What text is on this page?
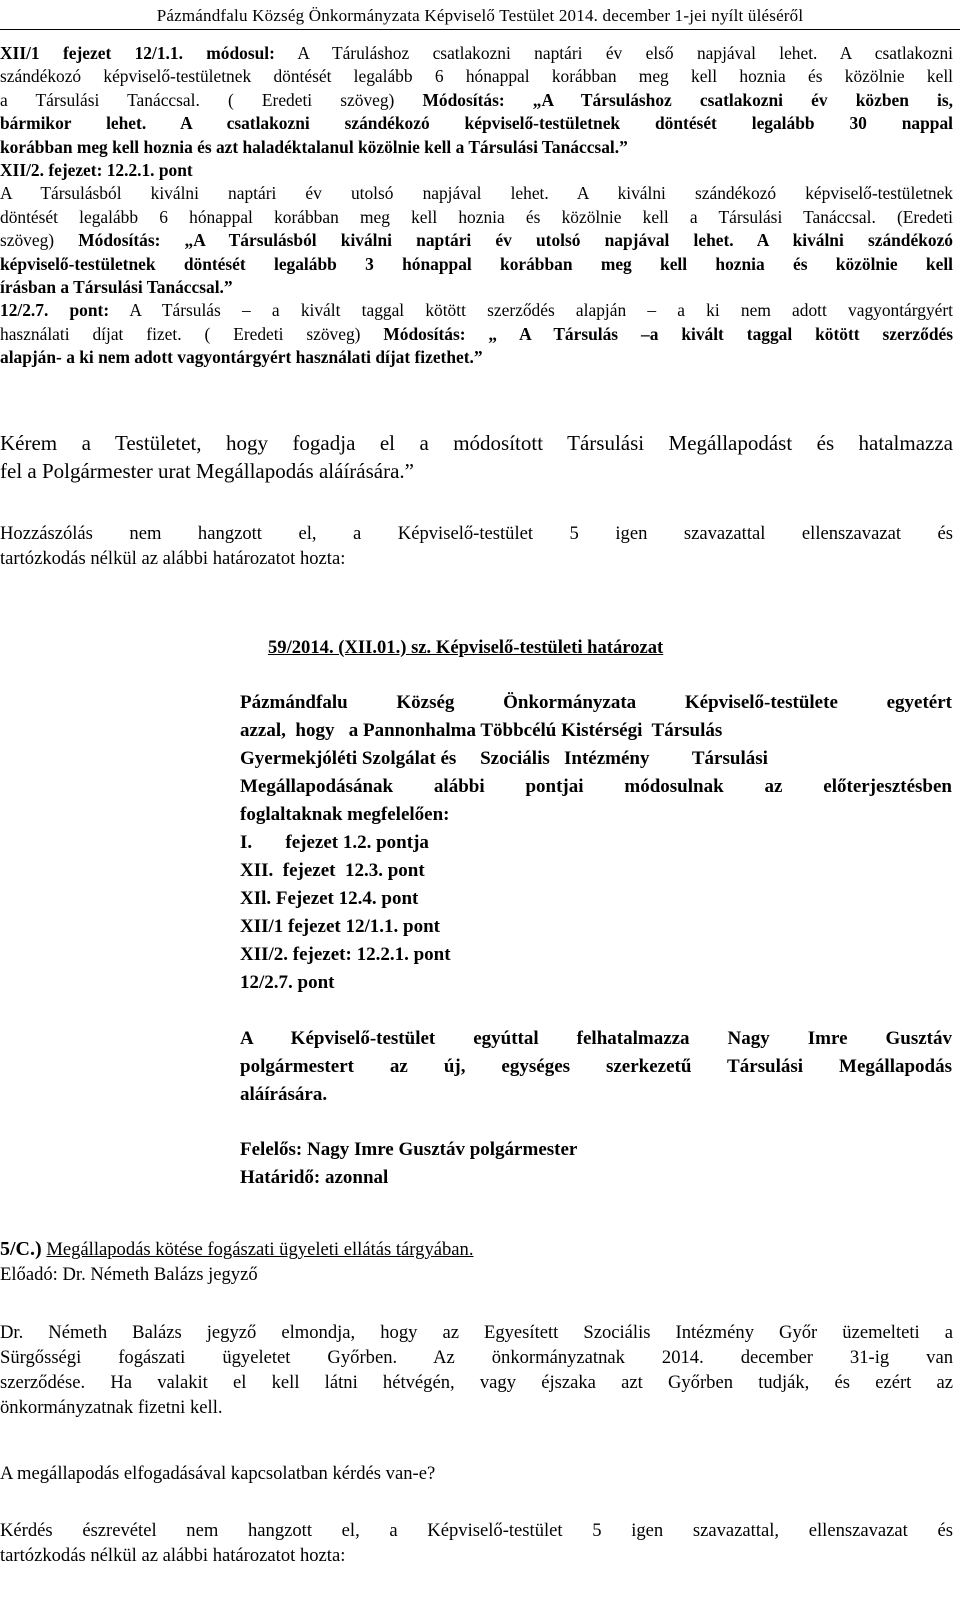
Pázmándfalu Község Önkormányzata Képviselő Testület 2014. december 1-jei nyílt üléséről
XII/1 fejezet 12/1.1. módosul: A Táruláshoz csatlakozni naptári év első napjával lehet. A csatlakozni
szándékozó képviselő-testületnek döntését legalább 6 hónappal korábban meg kell hoznia és közölnie kell
a Társulási Tanáccsal. ( Eredeti szöveg) Módosítás: „A Társuláshoz csatlakozni év közben is,
bármikor lehet. A csatlakozni szándékozó képviselő-testületnek döntését legalább 30 nappal
korábban meg kell hoznia és azt haladéktalanul közölnie kell a Társulási Tanáccsal.”
XII/2. fejezet: 12.2.1. pont
A Társulásból kiválni naptári év utolsó napjával lehet. A kiválni szándékozó képviselő-testületnek
döntését legalább 6 hónappal korábban meg kell hoznia és közölnie kell a Társulási Tanáccsal. (Eredeti
szöveg) Módosítás: „A Társulásból kiválni naptári év utolsó napjával lehet. A kiválni szándékozó
képviselő-testületnek döntését legalább 3 hónappal korábban meg kell hoznia és közölnie kell
írásban a Társulási Tanáccsal.”
12/2.7. pont: A Társulás – a kivált taggal kötött szerződés alapján – a ki nem adott vagyontárgyért
használati díjat fizet. ( Eredeti szöveg) Módosítás: „ A Társulás –a kivált taggal kötött szerződés
alapján- a ki nem adott vagyontárgyért használati díjat fizethet.”
Kérem a Testületet, hogy fogadja el a módosított Társulási Megállapodást és hatalmazza
fel a Polgármester urat Megállapodás aláírására.”
Hozzászólás nem hangzott el, a Képviselő-testület 5 igen szavazattal ellenszavazat és
tartózkodás nélkül az alábbi határozatot hozta:
59/2014. (XII.01.) sz. Képviselő-testületi határozat
Pázmándfalu Község Önkormányzata Képviselő-testülete egyetért
azzal,  hogy   a Pannonhalma Többcélú Kistérségi  Társulás
Gyermekjóléti Szolgálat és     Szociális   Intézmény         Társulási
Megállapodásának alábbi pontjai módosulnak az előterjesztésben
foglaltaknak megfelelően:
I.       fejezet 1.2. pontja
XII.  fejezet  12.3. pont
XIl. Fejezet 12.4. pont
XII/1 fejezet 12/1.1. pont
XII/2. fejezet: 12.2.1. pont
12/2.7. pont
A Képviselő-testület egyúttal felhatalmazza Nagy Imre Gusztáv
polgármestert az új, egységes szerkezetű Társulási Megállapodás
aláírására.
Felelős: Nagy Imre Gusztáv polgármester
Határidő: azonnal
5/C.) Megállapodás kötése fogászati ügyeleti ellátás tárgyában.
Előadó: Dr. Németh Balázs jegyző
Dr. Németh Balázs jegyző elmondja, hogy az Egyesített Szociális Intézmény Győr üzemelteti a
Sürgősségi fogászati ügyeletet Győrben. Az önkormányzatnak 2014. december 31-ig van
szerződése. Ha valakit el kell látni hétvégén, vagy éjszaka azt Győrben tudják, és ezért az
önkormányzatnak fizetni kell.
A megállapodás elfogadásával kapcsolatban kérdés van-e?
Kérdés észrevétel nem hangzott el, a Képviselő-testület 5 igen szavazattal, ellenszavazat és
tartózkodás nélkül az alábbi határozatot hozta:
